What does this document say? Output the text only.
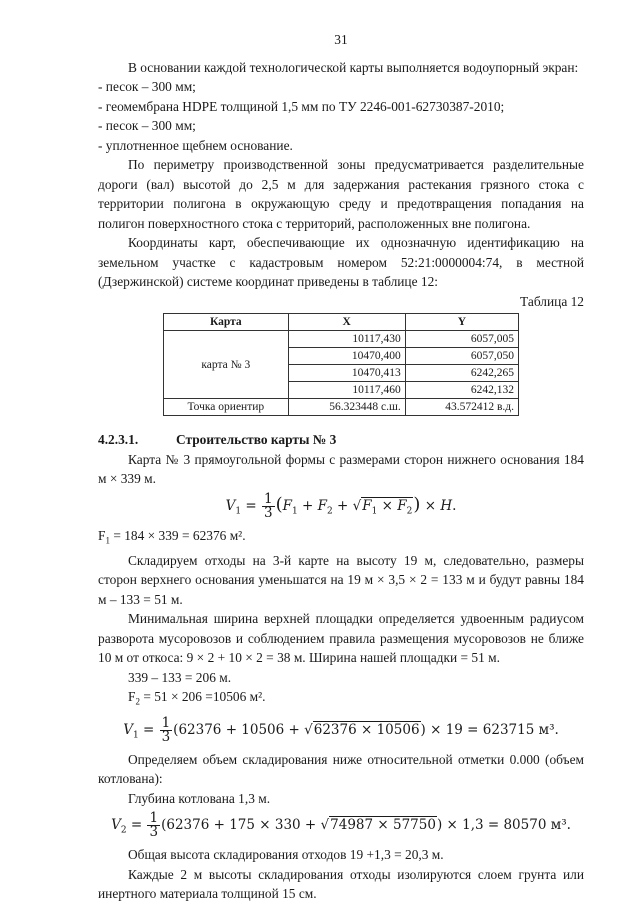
31

В основании каждой технологической карты выполняется водоупорный экран:

- песок – 300 мм;

- геомембрана HDPE толщиной 1,5 мм по ТУ 2246-001-62730387-2010;

- песок – 300 мм;

- уплотненное щебнем основание.

По периметру производственной зоны предусматривается разделительные дороги (вал) высотой до 2,5 м для задержания растекания грязного стока с территории полигона в окружающую среду и предотвращения попадания на полигон поверхностного стока с территорий, расположенных вне полигона.

Координаты карт, обеспечивающие их однозначную идентификацию на земельном участке с кадастровым номером 52:21:0000004:74, в местной (Дзержинской) системе координат приведены в таблице 12:

Таблица 12
Карта	X	Y
карта № 3	10117,430	6057,005
	10470,400	6057,050
	10470,413	6242,265
	10117,460	6242,132
Точка ориентир	56.323448 с.ш.	43.572412 в.д.
4.2.3.1.	Строительство карты № 3

Карта № 3 прямоугольной формы с размерами сторон нижнего основания 184 м × 339 м.

$V_1 = \frac{1}{3} (F_1 + F_2 + √F_1 \times F_2) \times H$.

$F_1 = 184 \times 339 = 62376$ м².

Складируем отходы на 3-й карте на высоту 19 м, следовательно, размеры сторон верхнего основания уменьшатся на 19 м × 3,5 × 2 = 133 м и будут равны 184 м – 133 = 51 м.

Минимальная ширина верхней площадки определяется удвоенным радиусом разворота мусоровозов и соблюдением правила размещения мусоровозов не ближе 10 м от откоса: 9 × 2 + 10 × 2 = 38 м. Ширина нашей площадки = 51 м.

339 – 133 = 206 м.

$F_2 = 51 \times 206 =10506$ м².

$V_1 = \frac{1}{3} (62376 + 10506 + √62376 \times 10506) \times 19 = 623715$ м³.

Определяем объем складирования ниже относительной отметки 0.000 (объем котлована):

Глубина котлована 1,3 м.

$V_2 = \frac{1}{3} (62376 + 175 \times 330 + √74987 \times 57750) \times 1,3 = 80570$ м³.

Общая высота складирования отходов 19 +1,3 = 20,3 м.

Каждые 2 м высоты складирования отходы изолируются слоем грунта или инертного материала толщиной 15 см.
